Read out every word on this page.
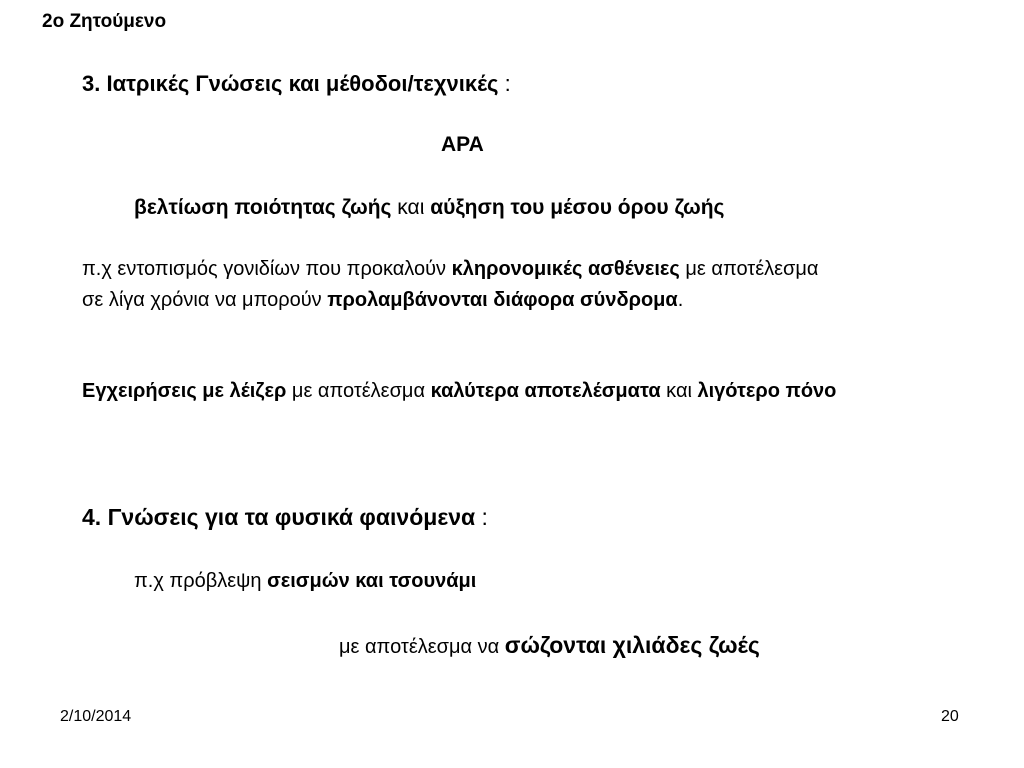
2ο Ζητούμενο

3. Ιατρικές Γνώσεις και μέθοδοι/τεχνικές :

ΑΡΑ

βελτίωση ποιότητας ζωής και αύξηση του μέσου όρου ζωής

π.χ εντοπισμός γονιδίων που προκαλούν κληρονομικές ασθένειες με αποτέλεσμα

σε λίγα χρόνια να μπορούν προλαμβάνονται διάφορα σύνδρομα.

Εγχειρήσεις με λέιζερ με αποτέλεσμα καλύτερα αποτελέσματα και λιγότερο πόνο

4. Γνώσεις για τα φυσικά φαινόμενα :

π.χ πρόβλεψη σεισμών και τσουνάμι

με αποτέλεσμα να σώζονται χιλιάδες ζωές

2/10/2014	20
